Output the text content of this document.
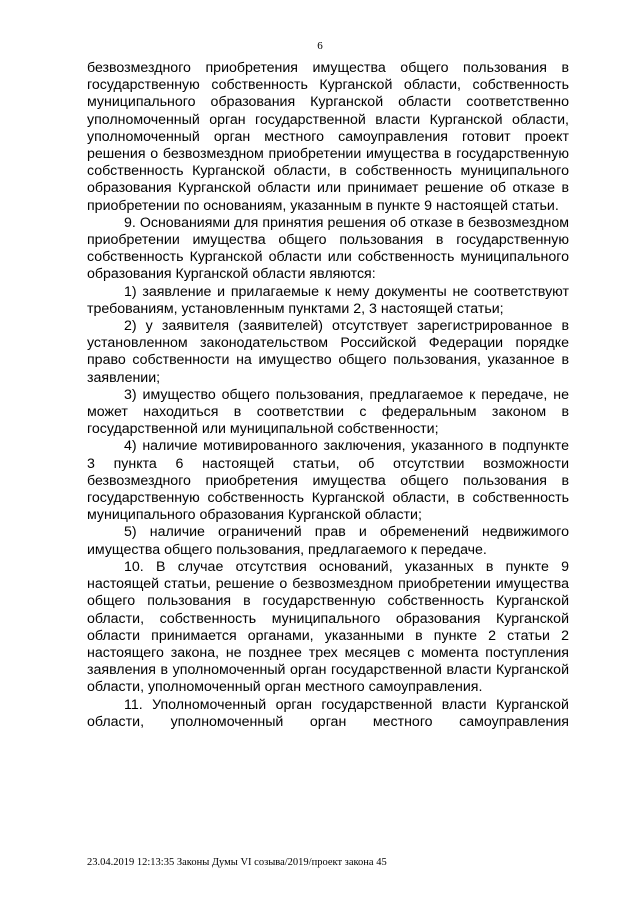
6

безвозмездного приобретения имущества общего пользования в государственную собственность Курганской области, собственность муниципального образования Курганской области соответственно уполномоченный орган государственной власти Курганской области, уполномоченный орган местного самоуправления готовит проект решения о безвозмездном приобретении имущества в государственную собственность Курганской области, в собственность муниципального образования Курганской области или принимает решение об отказе в приобретении по основаниям, указанным в пункте 9 настоящей статьи.

9. Основаниями для принятия решения об отказе в безвозмездном приобретении имущества общего пользования в государственную собственность Курганской области или собственность муниципального образования Курганской области являются:

1) заявление и прилагаемые к нему документы не соответствуют требованиям, установленным пунктами 2, 3 настоящей статьи;

2) у заявителя (заявителей) отсутствует зарегистрированное в установленном законодательством Российской Федерации порядке право собственности на имущество общего пользования, указанное в заявлении;

3) имущество общего пользования, предлагаемое к передаче, не может находиться в соответствии с федеральным законом в государственной или муниципальной собственности;

4) наличие мотивированного заключения, указанного в подпункте 3 пункта 6 настоящей статьи, об отсутствии возможности безвозмездного приобретения имущества общего пользования в государственную собственность Курганской области, в собственность муниципального образования Курганской области;

5) наличие ограничений прав и обременений недвижимого имущества общего пользования, предлагаемого к передаче.

10. В случае отсутствия оснований, указанных в пункте 9 настоящей статьи, решение о безвозмездном приобретении имущества общего пользования в государственную собственность Курганской области, собственность муниципального образования Курганской области принимается органами, указанными в пункте 2 статьи 2 настоящего закона, не позднее трех месяцев с момента поступления заявления в уполномоченный орган государственной власти Курганской области, уполномоченный орган местного самоуправления.

11. Уполномоченный орган государственной власти Курганской области, уполномоченный орган местного самоуправления

23.04.2019 12:13:35 Законы Думы VI созыва/2019/проект закона 45
